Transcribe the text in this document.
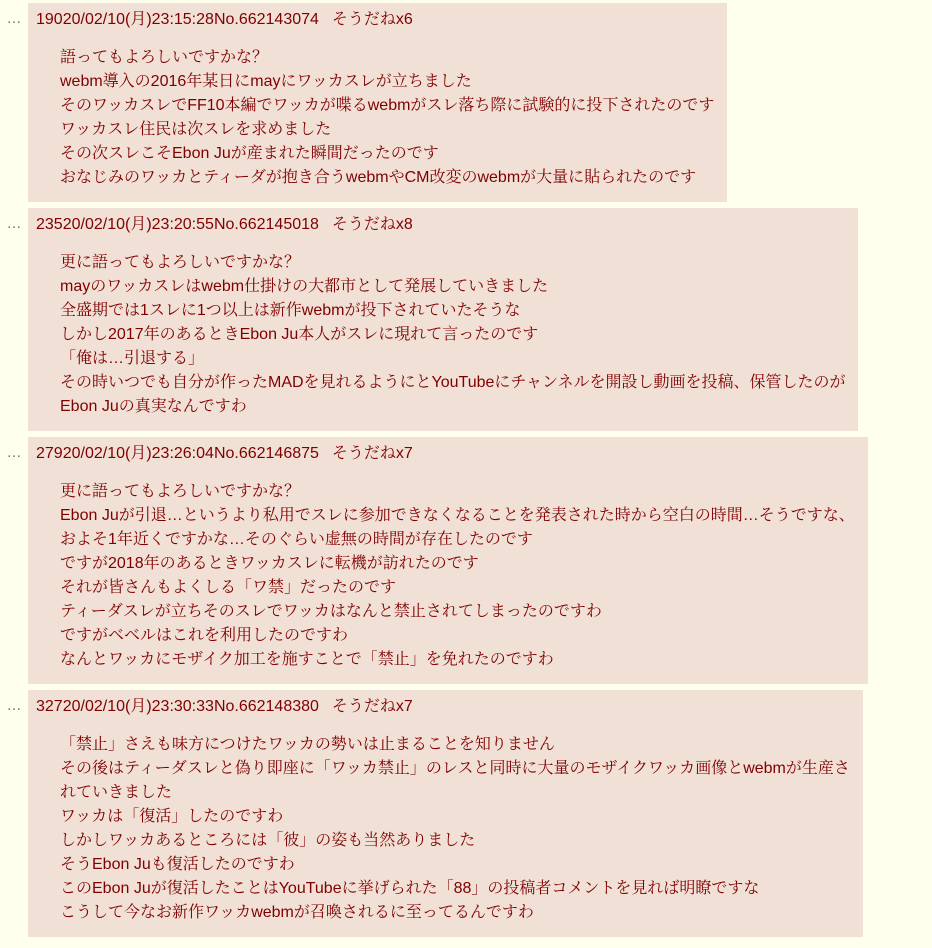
… 19020/02/10(月)23:15:28No.662143074 そうだねx6
語ってもよろしいですかな？
webm導入の2016年某日にmayにワッカスレが立ちました
そのワッカスレでFF10本編でワッカが喋るwebmがスレ落ち際に試験的に投下されたのです
ワッカスレ住民は次スレを求めました
その次スレこそEbon Juが産まれた瞬間だったのです
おなじみのワッカとティーダが抱き合うwebmやCM改変のwebmが大量に貼られたのです
… 23520/02/10(月)23:20:55No.662145018 そうだねx8
更に語ってもよろしいですかな？
mayのワッカスレはwebm仕掛けの大都市として発展していきました
全盛期では1スレに1つ以上は新作webmが投下されていたそうな
しかし2017年のあるときEbon Ju本人がスレに現れて言ったのです
「俺は…引退する」
その時いつでも自分が作ったMADを見れるようにとYouTubeにチャンネルを開設し動画を投稿、保管したのが
Ebon Juの真実なんですわ
… 27920/02/10(月)23:26:04No.662146875 そうだねx7
更に語ってもよろしいですかな？
Ebon Juが引退…というより私用でスレに参加できなくなることを発表された時から空白の時間…そうですな、
およそ1年近くですかな…そのぐらい虚無の時間が存在したのです
ですが2018年のあるときワッカスレに転機が訪れたのです
それが皆さんもよくしる「ワ禁」だったのです
ティーダスレが立ちそのスレでワッカはなんと禁止されてしまったのですわ
ですがベベルはこれを利用したのですわ
なんとワッカにモザイク加工を施すことで「禁止」を免れたのですわ
… 32720/02/10(月)23:30:33No.662148380 そうだねx7
「禁止」さえも味方につけたワッカの勢いは止まることを知りません
その後はティーダスレと偽り即座に「ワッカ禁止」のレスと同時に大量のモザイクワッカ画像とwebmが生産さ
れていきました
ワッカは「復活」したのですわ
しかしワッカあるところには「彼」の姿も当然ありました
そうEbon Juも復活したのですわ
このEbon Juが復活したことはYouTubeに挙げられた「88」の投稿者コメントを見れば明瞭ですな
こうして今なお新作ワッカwebmが召喚されるに至ってるんですわ
